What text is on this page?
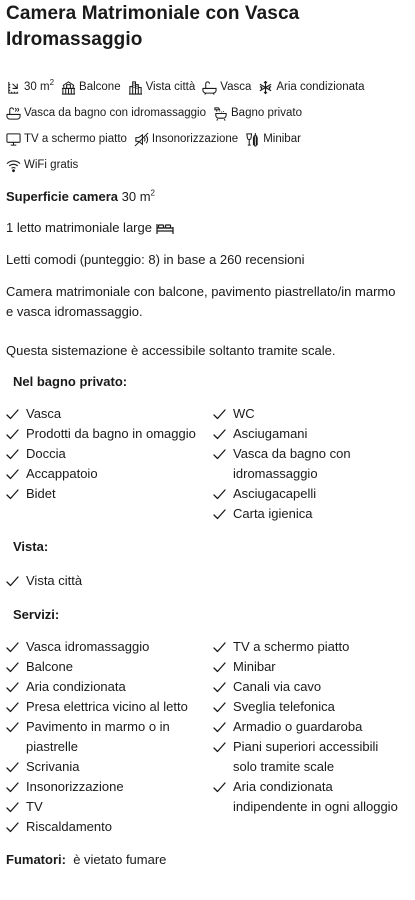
Camera Matrimoniale con Vasca Idromassaggio
30 $m^2$ Balcone Vista città Vasca Aria condizionata
Vasca da bagno con idromassaggio Bagno privato
TV a schermo piatto Insonorizzazione Minibar
WiFi gratis
Superficie camera 30 $m^2$
1 letto matrimoniale large
Letti comodi (punteggio: 8) in base a 260 recensioni
Camera matrimoniale con balcone, pavimento piastrellato/in marmo e vasca idromassaggio.
Questa sistemazione è accessibile soltanto tramite scale.
Nel bagno privato:
Vasca
Prodotti da bagno in omaggio
Doccia
Accappatoio
Bidet
WC
Asciugamani
Vasca da bagno con idromassaggio
Asciugacapelli
Carta igienica
Vista:
Vista città
Servizi:
Vasca idromassaggio
Balcone
Aria condizionata
Presa elettrica vicino al letto
Pavimento in marmo o in piastrelle
Scrivania
Insonorizzazione
TV
Riscaldamento
TV a schermo piatto
Minibar
Canali via cavo
Sveglia telefonica
Armadio o guardaroba
Piani superiori accessibili solo tramite scale
Aria condizionata indipendente in ogni alloggio
Fumatori: è vietato fumare
